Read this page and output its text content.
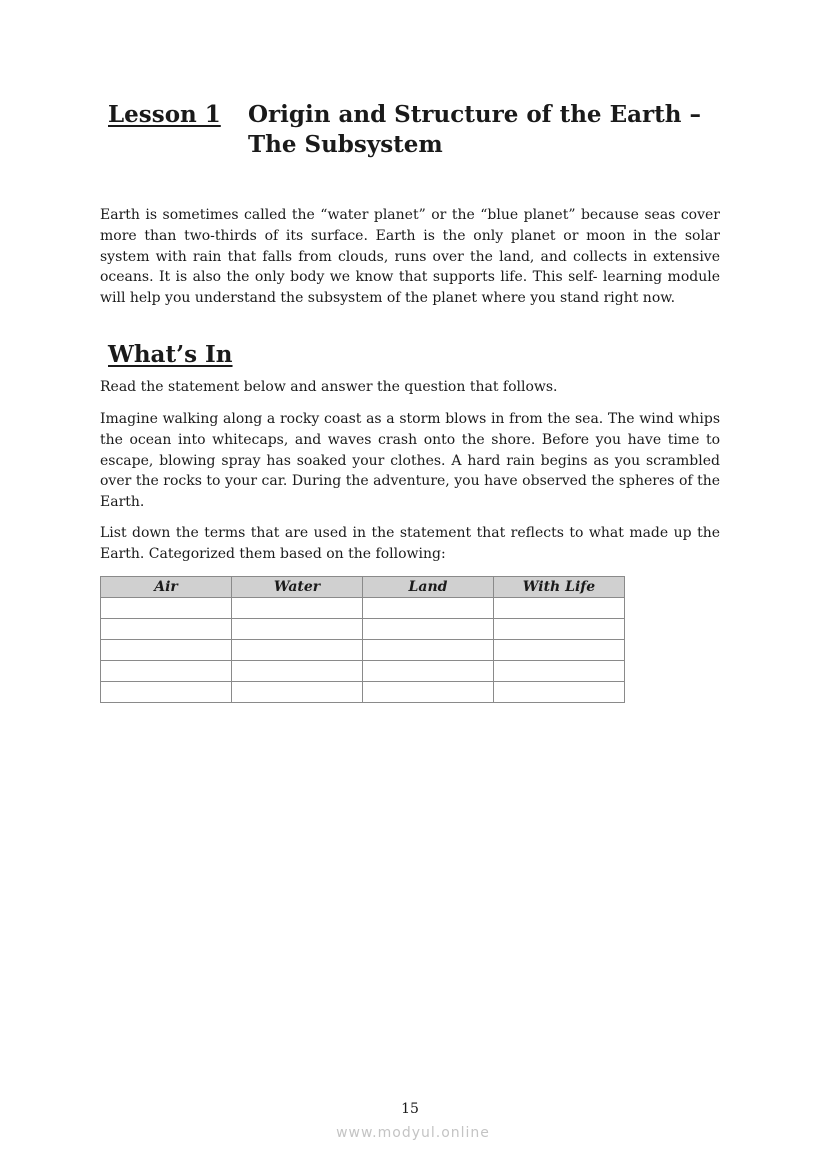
Lesson 1	Origin and Structure of the Earth –
The Subsystem

Earth is sometimes called the “water planet” or the “blue planet” because seas cover more than two-thirds of its surface. Earth is the only planet or moon in the solar system with rain that falls from clouds, runs over the land, and collects in extensive oceans. It is also the only body we know that supports life. This self- learning module will help you understand the subsystem of the planet where you stand right now.

What’s In

Read the statement below and answer the question that follows.

Imagine walking along a rocky coast as a storm blows in from the sea. The wind whips the ocean into whitecaps, and waves crash onto the shore. Before you have time to escape, blowing spray has soaked your clothes. A hard rain begins as you scrambled over the rocks to your car. During the adventure, you have observed the spheres of the Earth.

List down the terms that are used in the statement that reflects to what made up the Earth. Categorized them based on the following:

Air	Water	Land	With Life

15
www.modyul.online
